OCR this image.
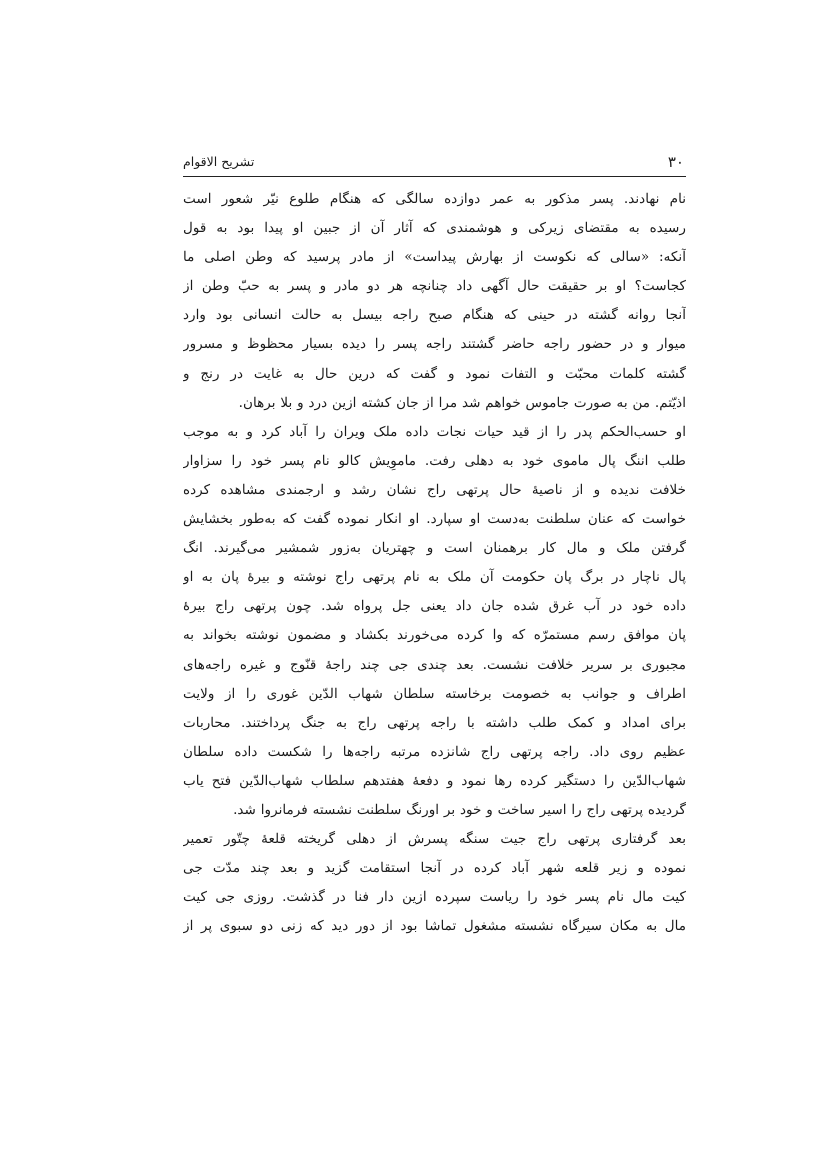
۳۰
تشریح الاقوام
نام نهادند. پسر مذکور به عمر دوازده سالگی که هنگام طلوع نیّر شعور است
رسیده به مقتضای زیرکی و هوشمندی که آثار آن از جبین او پیدا بود به قول
آنکه: «سالی که نکوست از بهارش پیداست» از مادر پرسید که وطن اصلی ما
کجاست؟ او بر حقیقت حال آگهی داد چنانچه هر دو مادر و پسر به حبّ وطن از
آنجا روانه گشته در حینی که هنگام صبح راجه بیسل به حالت انسانی بود وارد
میوار و در حضور راجه حاضر گشتند راجه پسر را دیده بسیار محظوظ و مسرور
گشته کلمات محبّت و التفات نمود و گفت که درین حال به غایت در رنج و
اذیّتم. من به صورت جاموس خواهم شد مرا از جان کشته ازین درد و بلا برهان.
او حسب‌الحکم پدر را از قید حیات نجات داده ملک ویران را آباد کرد و به موجب
طلب اننگ پال ماموی خود به دهلی رفت. ماموِیش کالو نام پسر خود را سزاوار
خلافت ندیده و از ناصیهٔ حال پرتهی راج نشان رشد و ارجمندی مشاهده کرده
خواست که عنان سلطنت به‌دست او سپارد. او انکار نموده گفت که به‌طور بخشایش
گرفتن ملک و مال کار برهمنان است و چهتریان به‌زور شمشیر می‌گیرند. انگ
پال ناچار در برگ پان حکومت آن ملک به نام پرتهی راج نوشته و بیرهٔ پان به او
داده خود در آب غرق شده جان داد یعنی جل پرواه شد. چون پرتهی راج بیرهٔ
پان موافق رسم مستمرّه که وا کرده می‌خورند بکشاد و مضمون نوشته بخواند به
مجبوری بر سریر خلافت نشست. بعد چندی جی چند راجهٔ قنّوج و غیره راجه‌های
اطراف و جوانب به خصومت برخاسته سلطان شهاب الدّین غوری را از ولایت
برای امداد و کمک طلب داشته با راجه پرتهی راج به جنگ پرداختند. محاربات
عظیم روی داد. راجه پرتهی راج شانزده مرتبه راجه‌ها را شکست داده سلطان
شهاب‌الدّین را دستگیر کرده رها نمود و دفعهٔ هفتدهم سلطاب شهاب‌الدّین فتح یاب
گردیده پرتهی راج را اسیر ساخت و خود بر اورنگ سلطنت نشسته فرمانروا شد.
بعد گرفتاری پرتهی راج جیت سنگه پسرش از دهلی گریخته قلعهٔ چتّور تعمیر
نموده و زیر قلعه شهر آباد کرده در آنجا استقامت گزید و بعد چند مدّت جی
کیت مال نام پسر خود را ریاست سپرده ازین دار فنا در گذشت. روزی جی کیت
مال به مکان سیرگاه نشسته مشغول تماشا بود از دور دید که زنی دو سبوی پر از
